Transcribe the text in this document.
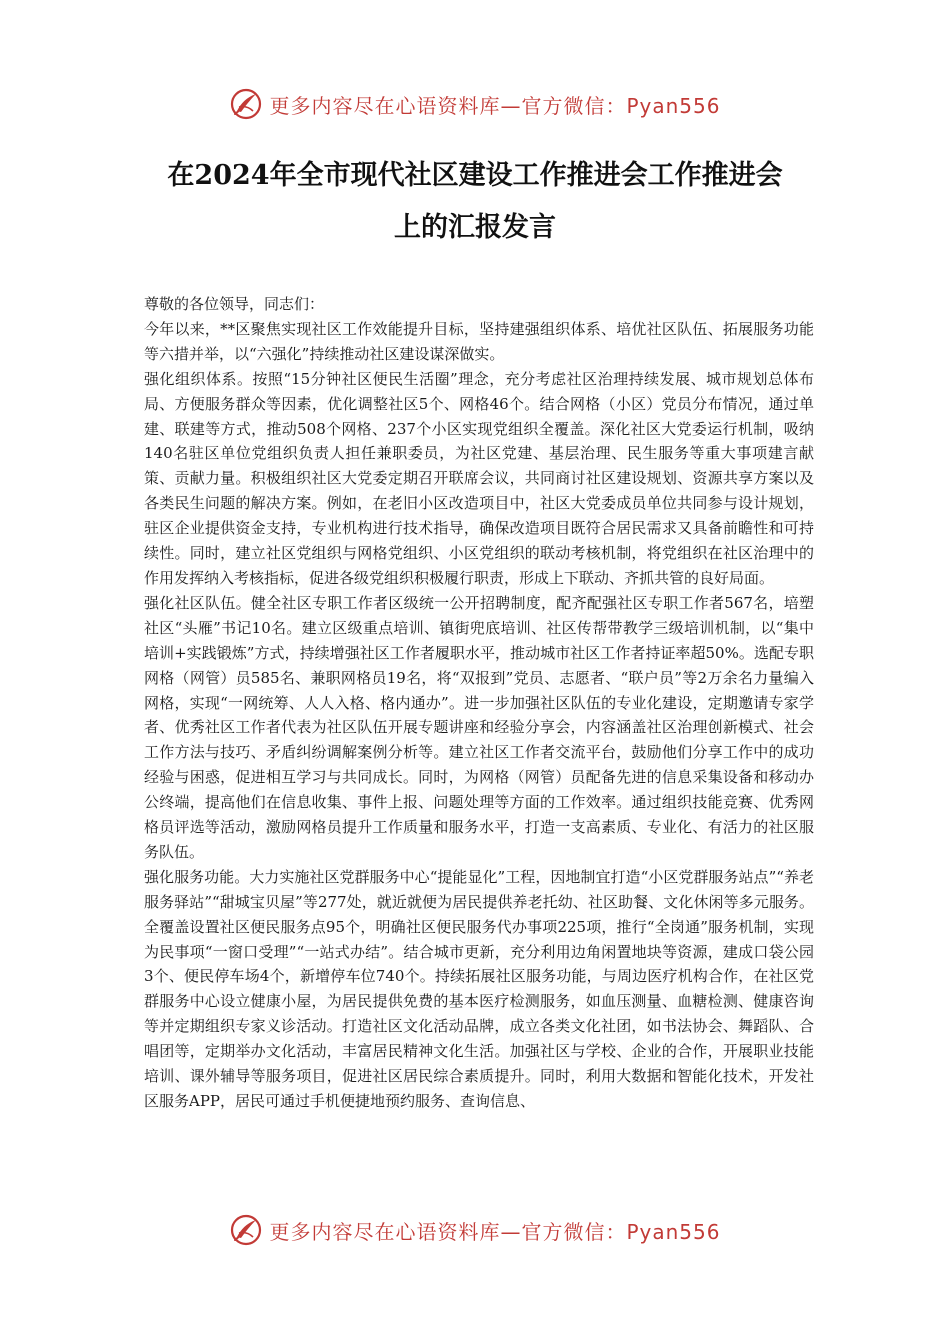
更多内容尽在心语资料库—官方微信：Pyan556
在2024年全市现代社区建设工作推进会工作推进会
上的汇报发言

尊敬的各位领导，同志们：

今年以来，**区聚焦实现社区工作效能提升目标，坚持建强组织体系、培优社区队伍、拓展服务功能等六措并举，以“六强化”持续推动社区建设谋深做实。

强化组织体系。按照“15分钟社区便民生活圈”理念，充分考虑社区治理持续发展、城市规划总体布局、方便服务群众等因素，优化调整社区5个、网格46个。结合网格（小区）党员分布情况，通过单建、联建等方式，推动508个网格、237个小区实现党组织全覆盖。深化社区大党委运行机制，吸纳140名驻区单位党组织负责人担任兼职委员，为社区党建、基层治理、民生服务等重大事项建言献策、贡献力量。积极组织社区大党委定期召开联席会议，共同商讨社区建设规划、资源共享方案以及各类民生问题的解决方案。例如，在老旧小区改造项目中，社区大党委成员单位共同参与设计规划，驻区企业提供资金支持，专业机构进行技术指导，确保改造项目既符合居民需求又具备前瞻性和可持续性。同时，建立社区党组织与网格党组织、小区党组织的联动考核机制，将党组织在社区治理中的作用发挥纳入考核指标，促进各级党组织积极履行职责，形成上下联动、齐抓共管的良好局面。

强化社区队伍。健全社区专职工作者区级统一公开招聘制度，配齐配强社区专职工作者567名，培塑社区“头雁”书记10名。建立区级重点培训、镇街兜底培训、社区传帮带教学三级培训机制，以“集中培训+实践锻炼”方式，持续增强社区工作者履职水平，推动城市社区工作者持证率超50%。选配专职网格（网管）员585名、兼职网格员19名，将“双报到”党员、志愿者、“联户员”等2万余名力量编入网格，实现“一网统筹、人人入格、格内通办”。进一步加强社区队伍的专业化建设，定期邀请专家学者、优秀社区工作者代表为社区队伍开展专题讲座和经验分享会，内容涵盖社区治理创新模式、社会工作方法与技巧、矛盾纠纷调解案例分析等。建立社区工作者交流平台，鼓励他们分享工作中的成功经验与困惑，促进相互学习与共同成长。同时，为网格（网管）员配备先进的信息采集设备和移动办公终端，提高他们在信息收集、事件上报、问题处理等方面的工作效率。通过组织技能竞赛、优秀网格员评选等活动，激励网格员提升工作质量和服务水平，打造一支高素质、专业化、有活力的社区服务队伍。

强化服务功能。大力实施社区党群服务中心“提能显化”工程，因地制宜打造“小区党群服务站点”“养老服务驿站”“甜城宝贝屋”等277处，就近就便为居民提供养老托幼、社区助餐、文化休闲等多元服务。全覆盖设置社区便民服务点95个，明确社区便民服务代办事项225项，推行“全岗通”服务机制，实现为民事项“一窗口受理”“一站式办结”。结合城市更新，充分利用边角闲置地块等资源，建成口袋公园3个、便民停车场4个，新增停车位740个。持续拓展社区服务功能，与周边医疗机构合作，在社区党群服务中心设立健康小屋，为居民提供免费的基本医疗检测服务，如血压测量、血糖检测、健康咨询等并定期组织专家义诊活动。打造社区文化活动品牌，成立各类文化社团，如书法协会、舞蹈队、合唱团等，定期举办文化活动，丰富居民精神文化生活。加强社区与学校、企业的合作，开展职业技能培训、课外辅导等服务项目，促进社区居民综合素质提升。同时，利用大数据和智能化技术，开发社区服务APP，居民可通过手机便捷地预约服务、查询信息、

更多内容尽在心语资料库—官方微信：Pyan556
